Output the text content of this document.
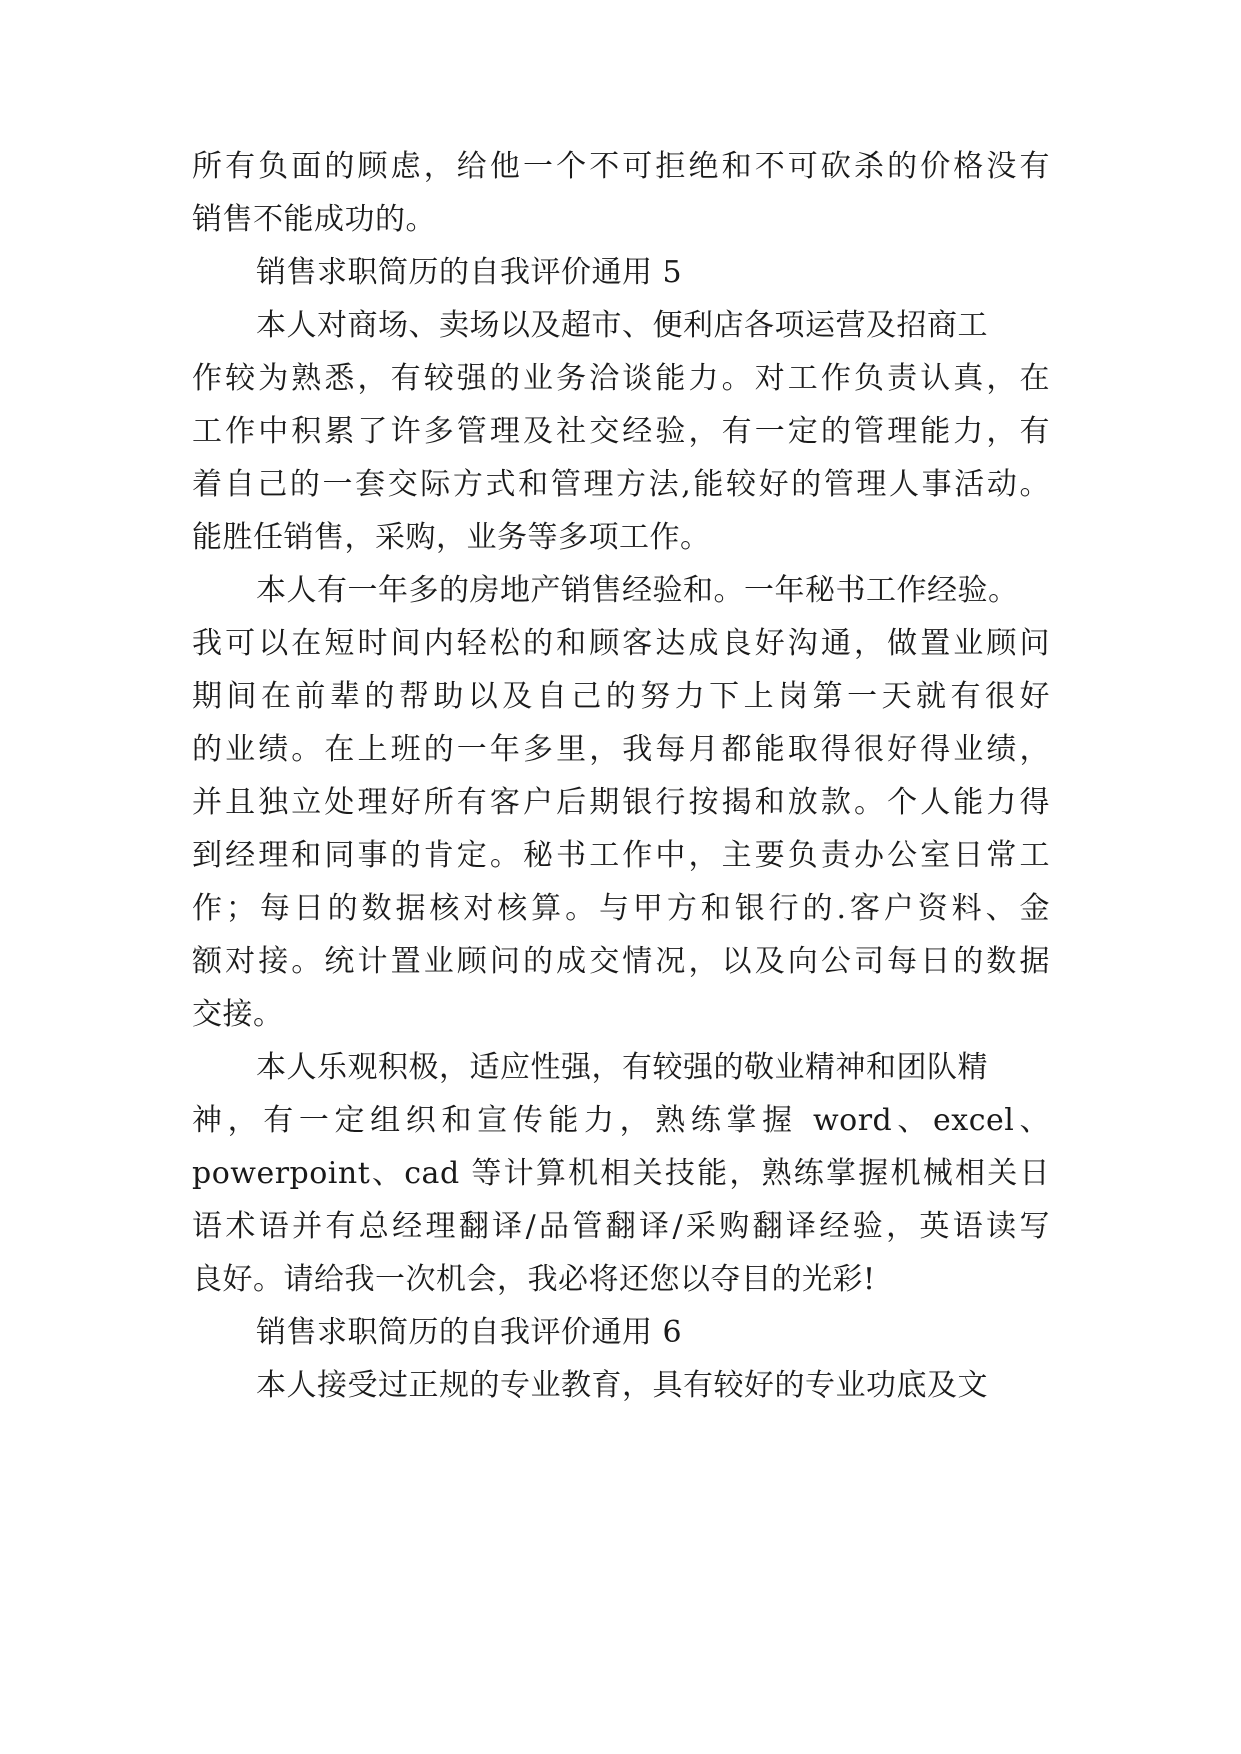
所有负面的顾虑，给他一个不可拒绝和不可砍杀的价格没有
销售不能成功的。
销售求职简历的自我评价通用 5
本人对商场、卖场以及超市、便利店各项运营及招商工
作较为熟悉，有较强的业务洽谈能力。对工作负责认真，在
工作中积累了许多管理及社交经验，有一定的管理能力，有
着自己的一套交际方式和管理方法,能较好的管理人事活动。
能胜任销售，采购，业务等多项工作。
本人有一年多的房地产销售经验和。一年秘书工作经验。
我可以在短时间内轻松的和顾客达成良好沟通，做置业顾问
期间在前辈的帮助以及自己的努力下上岗第一天就有很好
的业绩。在上班的一年多里，我每月都能取得很好得业绩，
并且独立处理好所有客户后期银行按揭和放款。个人能力得
到经理和同事的肯定。秘书工作中，主要负责办公室日常工
作；每日的数据核对核算。与甲方和银行的.客户资料、金
额对接。统计置业顾问的成交情况，以及向公司每日的数据
交接。
本人乐观积极，适应性强，有较强的敬业精神和团队精
神，有一定组织和宣传能力，熟练掌握 word、excel、
powerpoint、cad 等计算机相关技能，熟练掌握机械相关日
语术语并有总经理翻译/品管翻译/采购翻译经验，英语读写
良好。请给我一次机会，我必将还您以夺目的光彩!
销售求职简历的自我评价通用 6
本人接受过正规的专业教育，具有较好的专业功底及文
